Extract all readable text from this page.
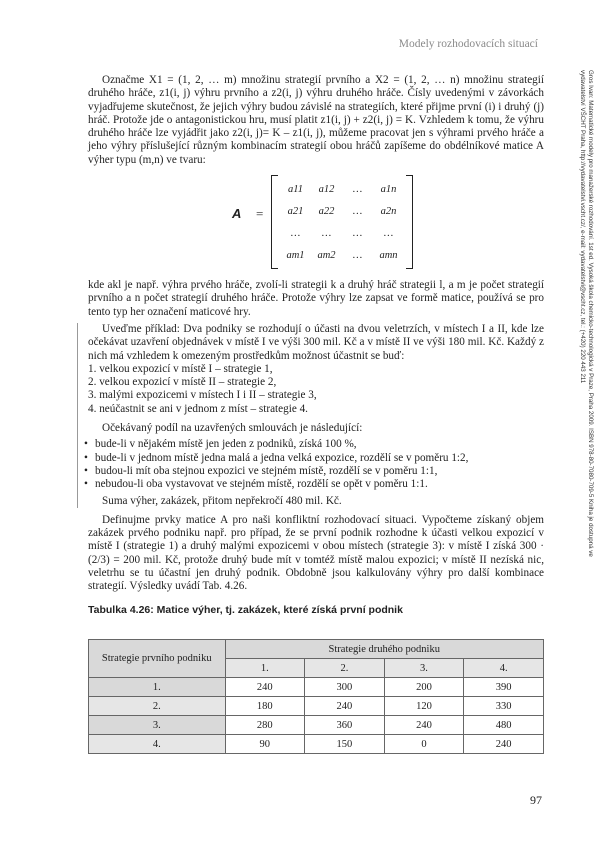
Modely rozhodovacích situací
Gros Ivan: Matematické modely pro manažerské rozhodování. 1st ed. Vysoká škola chemicko-technologická v Praze, Praha 2009. ISBN 978-80-7080-709-5 Kniha je dostupná ve vydavatelství VŠCHT Praha, http://vydavatelstvi.vscht.cz/, e-mail: vydavatelstvi@vscht.cz, tel.: (+420) 220 443 211

Označme X1 = (1, 2, … m) množinu strategií prvního a X2 = (1, 2, … n) množinu strategií druhého hráče, z1(i, j) výhru prvního a z2(i, j) výhru druhého hráče. Čísly uvedenými v závorkách vyjadřujeme skutečnost, že jejich výhry budou závislé na strategiích, které přijme první (i) i druhý (j) hráč. Protože jde o antagonistickou hru, musí platit z1(i, j) + z2(i, j) = K. Vzhledem k tomu, že výhru druhého hráče lze vyjádřit jako z2(i, j)= K – z1(i, j), můžeme pracovat jen s výhrami prvého hráče a jeho výhry příslušející různým kombinacím strategií obou hráčů zapíšeme do obdélníkové matice A výher typu (m,n) ve tvaru:

A =
a11	a12	…	a1n
a21	a22	…	a2n
…	…	…	…
am1	am2	…	amn

kde akl je např. výhra prvého hráče, zvolí-li strategii k a druhý hráč strategii l, a m je počet strategií prvního a n počet strategií druhého hráče. Protože výhry lze zapsat ve formě matice, používá se pro tento typ her označení maticové hry.

Uveďme příklad: Dva podniky se rozhodují o účasti na dvou veletrzích, v místech I a II, kde lze očekávat uzavření objednávek v místě I ve výši 300 mil. Kč a v místě II ve výši 180 mil. Kč. Každý z nich má vzhledem k omezeným prostředkům možnost účastnit se buď:

1. velkou expozicí v místě I – strategie 1,
2. velkou expozicí v místě II – strategie 2,
3. malými expozicemi v místech I i II – strategie 3,
4. neúčastnit se ani v jednom z míst – strategie 4.

Očekávaný podíl na uzavřených smlouvách je následující:

• bude-li v nějakém místě jen jeden z podniků, získá 100 %,
• bude-li v jednom místě jedna malá a jedna velká expozice, rozdělí se v poměru 1:2,
• budou-li mít oba stejnou expozici ve stejném místě, rozdělí se v poměru 1:1,
• nebudou-li oba vystavovat ve stejném místě, rozdělí se opět v poměru 1:1.

Suma výher, zakázek, přitom nepřekročí 480 mil. Kč.

Definujme prvky matice A pro naši konfliktní rozhodovací situaci. Vypočteme získaný objem zakázek prvého podniku např. pro případ, že se první podnik rozhodne k účasti velkou expozicí v místě I (strategie 1) a druhý malými expozicemi v obou místech (strategie 3): v místě I získá 300 · (2/3) = 200 mil. Kč, protože druhý bude mít v tomtéž místě malou expozici; v místě II nezíská nic, veletrhu se tu účastní jen druhý podnik. Obdobně jsou kalkulovány výhry pro další kombinace strategií. Výsledky uvádí Tab. 4.26.

Tabulka 4.26: Matice výher, tj. zakázek, které získá první podnik
Strategie prvního podniku	Strategie druhého podniku			
	1.	2.	3.	4.
1.	240	300	200	390
2.	180	240	120	330
3.	280	360	240	480
4.	90	150	0	240
97
